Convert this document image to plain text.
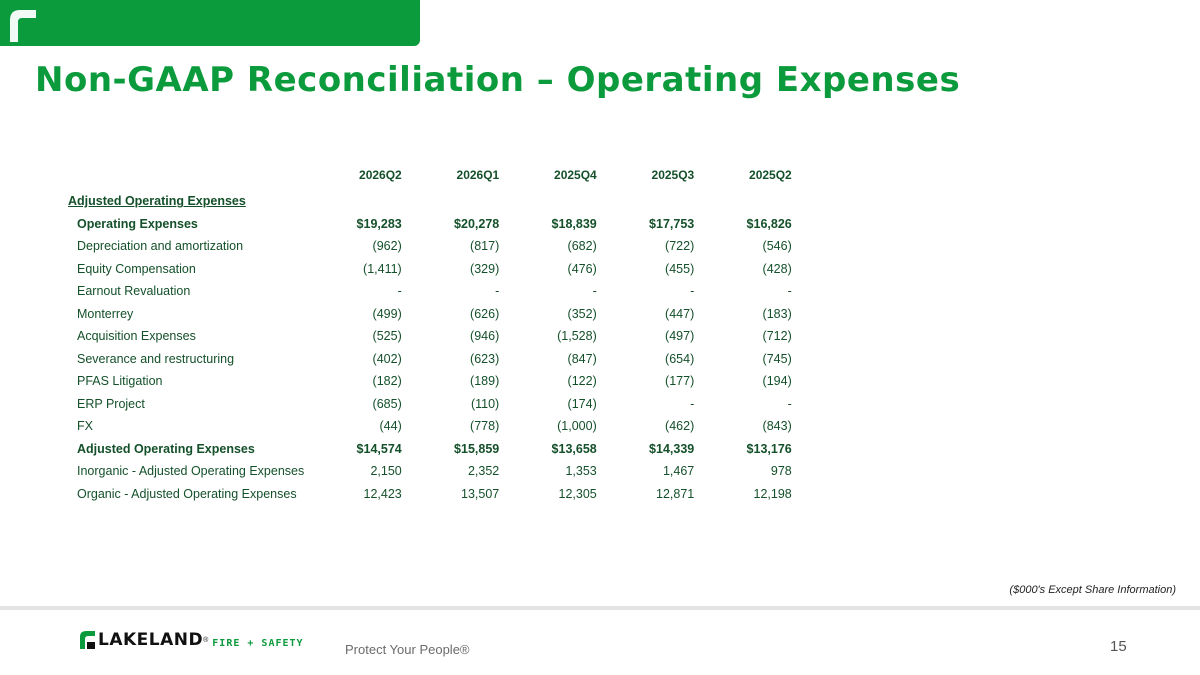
Non-GAAP Reconciliation – Operating Expenses
	2026Q2	2026Q1	2025Q4	2025Q3	2025Q2
Adjusted Operating Expenses					
Operating Expenses	$19,283	$20,278	$18,839	$17,753	$16,826
Depreciation and amortization	(962)	(817)	(682)	(722)	(546)
Equity Compensation	(1,411)	(329)	(476)	(455)	(428)
Earnout Revaluation	-	-	-	-	-
Monterrey	(499)	(626)	(352)	(447)	(183)
Acquisition Expenses	(525)	(946)	(1,528)	(497)	(712)
Severance and restructuring	(402)	(623)	(847)	(654)	(745)
PFAS Litigation	(182)	(189)	(122)	(177)	(194)
ERP Project	(685)	(110)	(174)	-	-
FX	(44)	(778)	(1,000)	(462)	(843)
Adjusted Operating Expenses	$14,574	$15,859	$13,658	$14,339	$13,176
Inorganic - Adjusted Operating Expenses	2,150	2,352	1,353	1,467	978
Organic - Adjusted Operating Expenses	12,423	13,507	12,305	12,871	12,198
($000's Except Share Information)
LAKELAND ® FIRE + SAFETY	Protect Your People®	15
